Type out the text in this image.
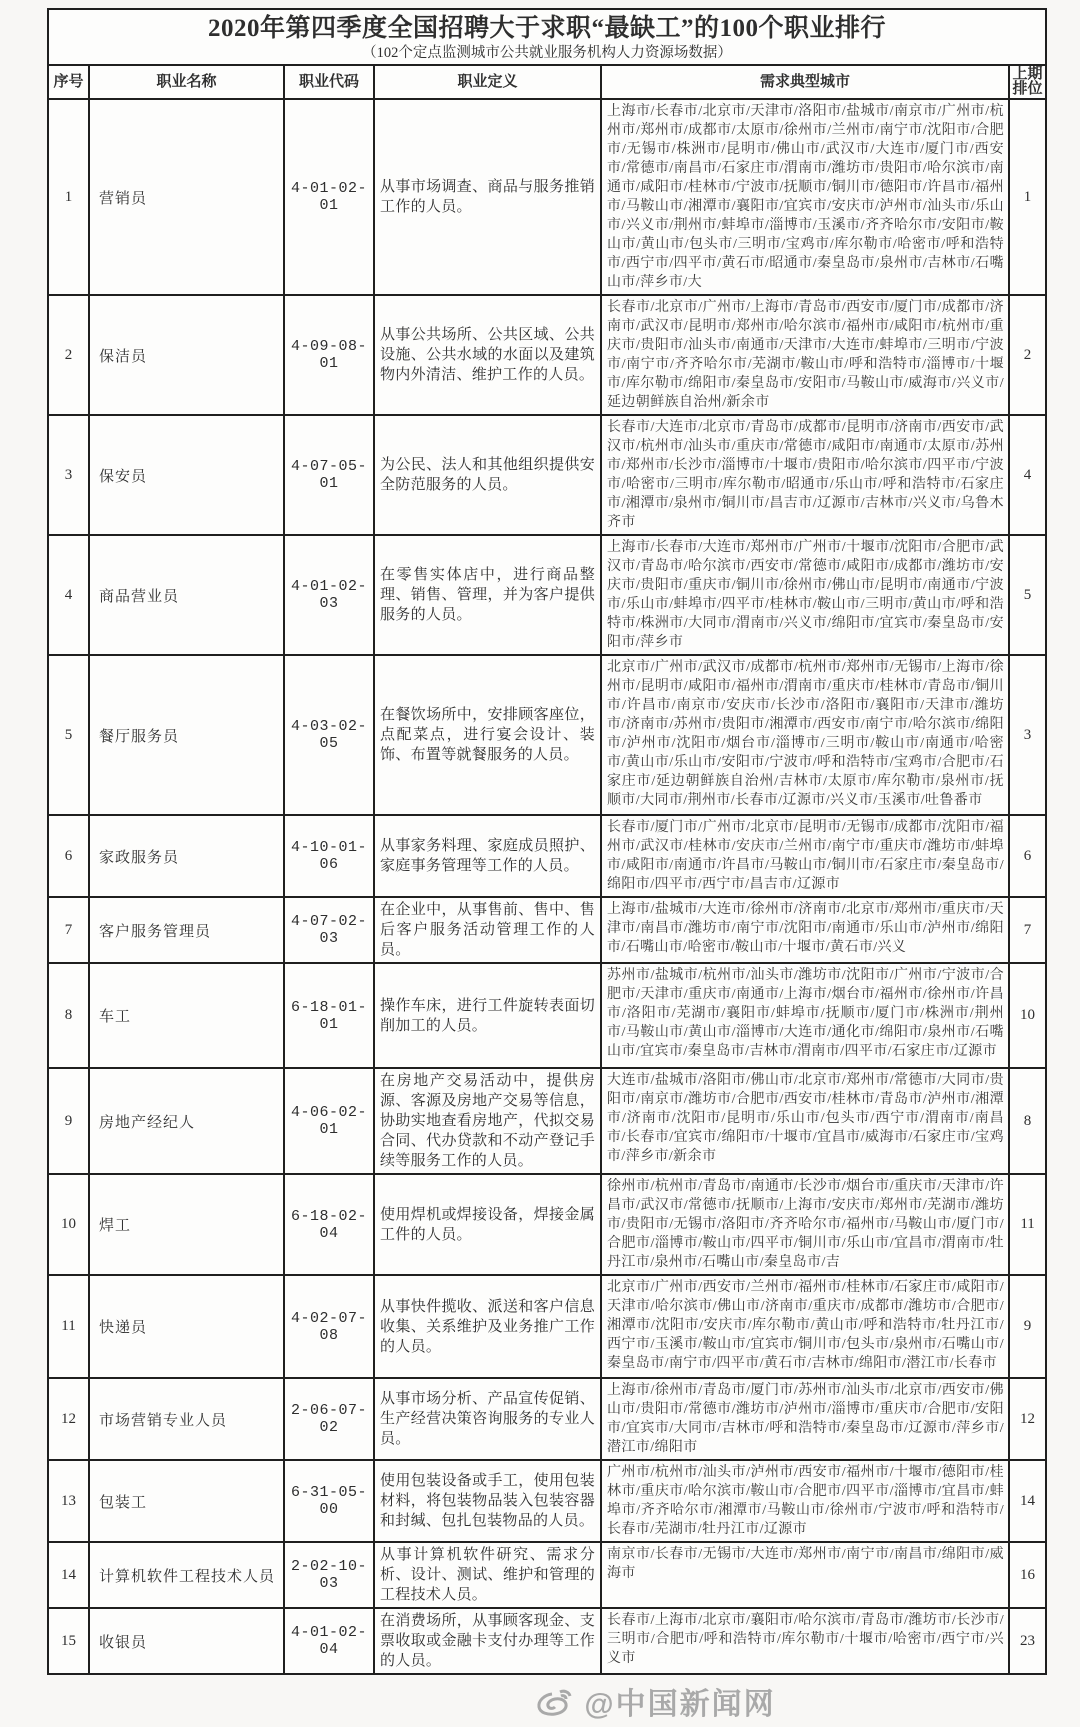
2020年第四季度全国招聘大于求职“最缺工”的100个职业排行
（102个定点监测城市公共就业服务机构人力资源场数据）					

序号	职业名称	职业代码	职业定义	需求典型城市	上期排位
1	营销员	4-01-02-01	从事市场调查、商品与服务推销工作的人员。	上海市/长春市/北京市/天津市/洛阳市/盐城市/南京市/广州市/杭州市/郑州市/成都市/太原市/徐州市/兰州市/南宁市/沈阳市/合肥市/无锡市/株洲市/昆明市/佛山市/武汉市/大连市/厦门市/西安市/常德市/南昌市/石家庄市/渭南市/潍坊市/贵阳市/哈尔滨市/南通市/咸阳市/桂林市/宁波市/抚顺市/铜川市/德阳市/许昌市/福州市/马鞍山市/湘潭市/襄阳市/宜宾市/安庆市/泸州市/汕头市/乐山市/兴义市/荆州市/蚌埠市/淄博市/玉溪市/齐齐哈尔市/安阳市/鞍山市/黄山市/包头市/三明市/宝鸡市/库尔勒市/哈密市/呼和浩特市/西宁市/四平市/黄石市/昭通市/秦皇岛市/泉州市/吉林市/石嘴山市/萍乡市/大	1
2	保洁员	4-09-08-01	从事公共场所、公共区域、公共设施、公共水域的水面以及建筑物内外清洁、维护工作的人员。	长春市/北京市/广州市/上海市/青岛市/西安市/厦门市/成都市/济南市/武汉市/昆明市/郑州市/哈尔滨市/福州市/咸阳市/杭州市/重庆市/贵阳市/汕头市/南通市/天津市/大连市/蚌埠市/三明市/宁波市/南宁市/齐齐哈尔市/芜湖市/鞍山市/呼和浩特市/淄博市/十堰市/库尔勒市/绵阳市/秦皇岛市/安阳市/马鞍山市/威海市/兴义市/延边朝鲜族自治州/新余市	2
3	保安员	4-07-05-01	为公民、法人和其他组织提供安全防范服务的人员。	长春市/大连市/北京市/青岛市/成都市/昆明市/济南市/西安市/武汉市/杭州市/汕头市/重庆市/常德市/咸阳市/南通市/太原市/苏州市/郑州市/长沙市/淄博市/十堰市/贵阳市/哈尔滨市/四平市/宁波市/哈密市/三明市/库尔勒市/昭通市/乐山市/呼和浩特市/石家庄市/湘潭市/泉州市/铜川市/昌吉市/辽源市/吉林市/兴义市/乌鲁木齐市	4
4	商品营业员	4-01-02-03	在零售实体店中，进行商品整理、销售、管理，并为客户提供服务的人员。	上海市/长春市/大连市/郑州市/广州市/十堰市/沈阳市/合肥市/武汉市/青岛市/哈尔滨市/西安市/常德市/咸阳市/成都市/潍坊市/安庆市/贵阳市/重庆市/铜川市/徐州市/佛山市/昆明市/南通市/宁波市/乐山市/蚌埠市/四平市/桂林市/鞍山市/三明市/黄山市/呼和浩特市/株洲市/大同市/渭南市/兴义市/绵阳市/宜宾市/秦皇岛市/安阳市/萍乡市	5
5	餐厅服务员	4-03-02-05	在餐饮场所中，安排顾客座位，点配菜点，进行宴会设计、装饰、布置等就餐服务的人员。	北京市/广州市/武汉市/成都市/杭州市/郑州市/无锡市/上海市/徐州市/昆明市/咸阳市/福州市/渭南市/重庆市/桂林市/青岛市/铜川市/许昌市/南京市/安庆市/长沙市/洛阳市/襄阳市/天津市/潍坊市/济南市/苏州市/贵阳市/湘潭市/西安市/南宁市/哈尔滨市/绵阳市/泸州市/沈阳市/烟台市/淄博市/三明市/鞍山市/南通市/哈密市/黄山市/乐山市/安阳市/宁波市/呼和浩特市/宝鸡市/合肥市/石家庄市/延边朝鲜族自治州/吉林市/太原市/库尔勒市/泉州市/抚顺市/大同市/荆州市/长春市/辽源市/兴义市/玉溪市/吐鲁番市	3
6	家政服务员	4-10-01-06	从事家务料理、家庭成员照护、家庭事务管理等工作的人员。	长春市/厦门市/广州市/北京市/昆明市/无锡市/成都市/沈阳市/福州市/武汉市/桂林市/安庆市/兰州市/南宁市/重庆市/潍坊市/蚌埠市/咸阳市/南通市/许昌市/马鞍山市/铜川市/石家庄市/秦皇岛市/绵阳市/四平市/西宁市/昌吉市/辽源市	6
7	客户服务管理员	4-07-02-03	在企业中，从事售前、售中、售后客户服务活动管理工作的人员。	上海市/盐城市/大连市/徐州市/济南市/北京市/郑州市/重庆市/天津市/南昌市/潍坊市/南宁市/沈阳市/南通市/乐山市/泸州市/绵阳市/石嘴山市/哈密市/鞍山市/十堰市/黄石市/兴义	7
8	车工	6-18-01-01	操作车床，进行工件旋转表面切削加工的人员。	苏州市/盐城市/杭州市/汕头市/潍坊市/沈阳市/广州市/宁波市/合肥市/天津市/重庆市/南通市/上海市/烟台市/福州市/徐州市/许昌市/洛阳市/芜湖市/襄阳市/蚌埠市/抚顺市/厦门市/株洲市/荆州市/马鞍山市/黄山市/淄博市/大连市/通化市/绵阳市/泉州市/石嘴山市/宜宾市/秦皇岛市/吉林市/渭南市/四平市/石家庄市/辽源市	10
9	房地产经纪人	4-06-02-01	在房地产交易活动中，提供房源、客源及房地产交易等信息，协助实地查看房地产，代拟交易合同、代办贷款和不动产登记手续等服务工作的人员。	大连市/盐城市/洛阳市/佛山市/北京市/郑州市/常德市/大同市/贵阳市/南京市/潍坊市/合肥市/西安市/桂林市/青岛市/泸州市/湘潭市/济南市/沈阳市/昆明市/乐山市/包头市/西宁市/渭南市/南昌市/长春市/宜宾市/绵阳市/十堰市/宜昌市/威海市/石家庄市/宝鸡市/萍乡市/新余市	8
10	焊工	6-18-02-04	使用焊机或焊接设备，焊接金属工件的人员。	徐州市/杭州市/青岛市/南通市/长沙市/烟台市/重庆市/天津市/许昌市/武汉市/常德市/抚顺市/上海市/安庆市/郑州市/芜湖市/潍坊市/贵阳市/无锡市/洛阳市/齐齐哈尔市/福州市/马鞍山市/厦门市/合肥市/淄博市/鞍山市/四平市/铜川市/乐山市/宜昌市/渭南市/牡丹江市/泉州市/石嘴山市/秦皇岛市/吉	11
11	快递员	4-02-07-08	从事快件揽收、派送和客户信息收集、关系维护及业务推广工作的人员。	北京市/广州市/西安市/兰州市/福州市/桂林市/石家庄市/咸阳市/天津市/哈尔滨市/佛山市/济南市/重庆市/成都市/潍坊市/合肥市/湘潭市/沈阳市/安庆市/库尔勒市/黄山市/呼和浩特市/牡丹江市/西宁市/玉溪市/鞍山市/宜宾市/铜川市/包头市/泉州市/石嘴山市/秦皇岛市/南宁市/四平市/黄石市/吉林市/绵阳市/潜江市/长春市	9
12	市场营销专业人员	2-06-07-02	从事市场分析、产品宣传促销、生产经营决策咨询服务的专业人员。	上海市/徐州市/青岛市/厦门市/苏州市/汕头市/北京市/西安市/佛山市/贵阳市/常德市/潍坊市/泸州市/淄博市/重庆市/合肥市/安阳市/宜宾市/大同市/吉林市/呼和浩特市/秦皇岛市/辽源市/萍乡市/潜江市/绵阳市	12
13	包装工	6-31-05-00	使用包装设备或手工，使用包装材料，将包装物品装入包装容器和封缄、包扎包装物品的人员。	广州市/杭州市/汕头市/泸州市/西安市/福州市/十堰市/德阳市/桂林市/重庆市/哈尔滨市/鞍山市/合肥市/四平市/淄博市/宜昌市/蚌埠市/齐齐哈尔市/湘潭市/马鞍山市/徐州市/宁波市/呼和浩特市/长春市/芜湖市/牡丹江市/辽源市	14
14	计算机软件工程技术人员	2-02-10-03	从事计算机软件研究、需求分析、设计、测试、维护和管理的工程技术人员。	南京市/长春市/无锡市/大连市/郑州市/南宁市/南昌市/绵阳市/威海市	16
15	收银员	4-01-02-04	在消费场所，从事顾客现金、支票收取或金融卡支付办理等工作的人员。	长春市/上海市/北京市/襄阳市/哈尔滨市/青岛市/潍坊市/长沙市/三明市/合肥市/呼和浩特市/库尔勒市/十堰市/哈密市/西宁市/兴义市	23
@中国新闻网
